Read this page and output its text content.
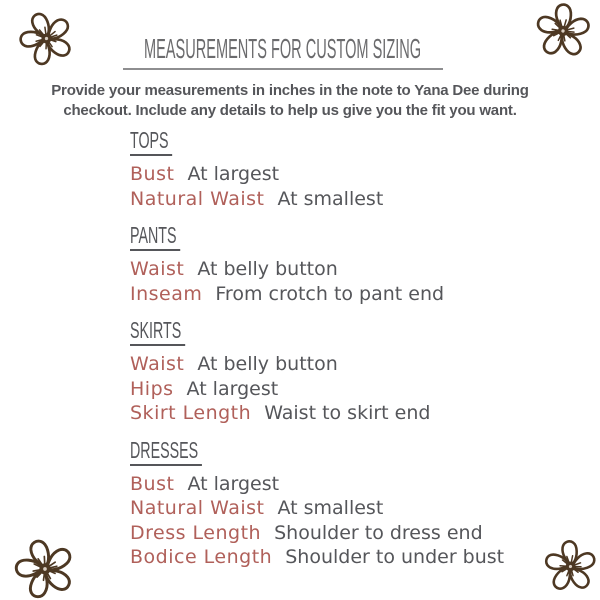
MEASUREMENTS FOR CUSTOM SIZING
Provide your measurements in inches in the note to Yana Dee during
checkout. Include any details to help us give you the fit you want.
TOPS

Bust At largest

Natural Waist At smallest

PANTS

Waist At belly button

Inseam From crotch to pant end

SKIRTS

Waist At belly button

Hips At largest

Skirt Length Waist to skirt end

DRESSES

Bust At largest

Natural Waist At smallest

Dress Length Shoulder to dress end

Bodice Length Shoulder to under bust
